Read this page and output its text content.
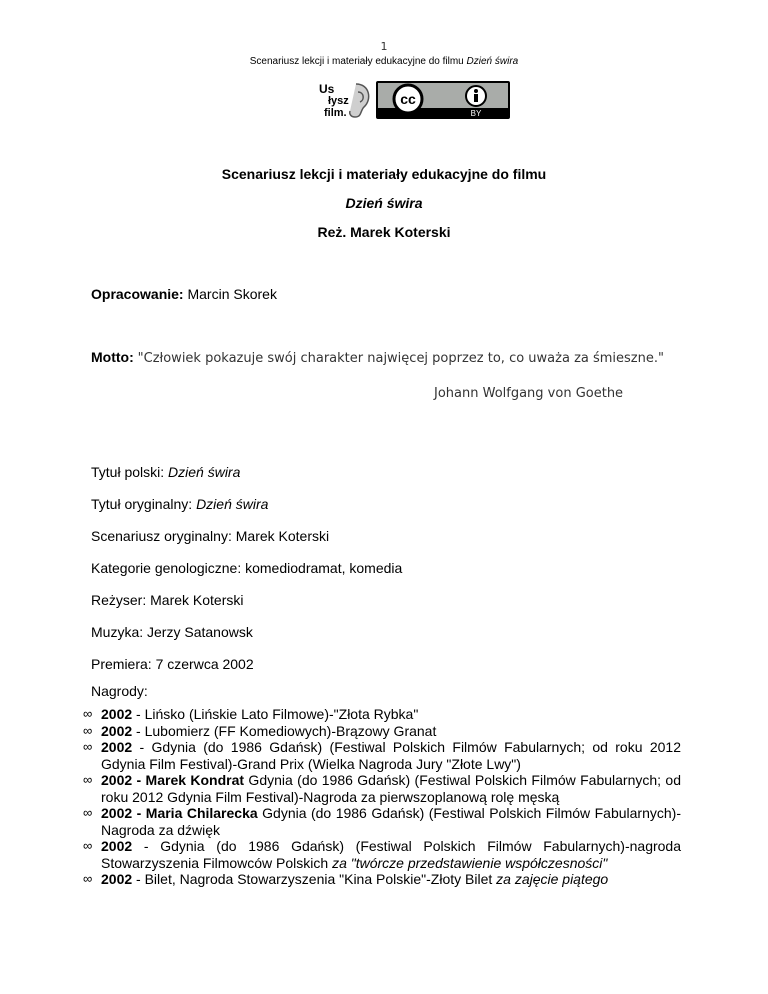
1
Scenariusz lekcji i materiały edukacyjne do filmu Dzień świra
Us
łysz
film.
cc
BY
Scenariusz lekcji i materiały edukacyjne do filmu
Dzień świra
Reż. Marek Koterski
Opracowanie: Marcin Skorek
Motto: "Człowiek pokazuje swój charakter najwięcej poprzez to, co uważa za śmieszne."
Johann Wolfgang von Goethe
Tytuł polski: Dzień świra
Tytuł oryginalny: Dzień świra
Scenariusz oryginalny: Marek Koterski
Kategorie genologiczne: komediodramat, komedia
Reżyser: Marek Koterski
Muzyka: Jerzy Satanowsk
Premiera: 7 czerwca 2002
Nagrody:
∞ 2002 - Lińsko (Lińskie Lato Filmowe)-"Złota Rybka"
∞ 2002 - Lubomierz (FF Komediowych)-Brązowy Granat
∞ 2002 - Gdynia (do 1986 Gdańsk) (Festiwal Polskich Filmów Fabularnych; od roku 2012 Gdynia Film Festival)-Grand Prix (Wielka Nagroda Jury "Złote Lwy")
∞ 2002 - Marek Kondrat Gdynia (do 1986 Gdańsk) (Festiwal Polskich Filmów Fabularnych; od roku 2012 Gdynia Film Festival)-Nagroda za pierwszoplanową rolę męską
∞ 2002 - Maria Chilarecka Gdynia (do 1986 Gdańsk) (Festiwal Polskich Filmów Fabularnych)-Nagroda za dźwięk
∞ 2002 - Gdynia (do 1986 Gdańsk) (Festiwal Polskich Filmów Fabularnych)-nagroda Stowarzyszenia Filmowców Polskich za "twórcze przedstawienie współczesności"
∞ 2002 - Bilet, Nagroda Stowarzyszenia "Kina Polskie"-Złoty Bilet za zajęcie piątego
